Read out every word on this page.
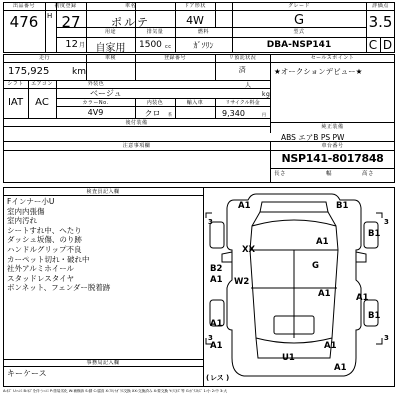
出品番号
476
初度登録
H 27
12 月
車名
ポルテ
用途
自家用
排気量
1500 cc
ドア形状
4W
燃料
ｶﾞｿﾘﾝ
グレード
G
型式
DBA-NSP141
評価点
3.5
C D
走行
175,925	km
車検	登録番号	リ預託状況
済
セールスポイント
★オークションデビュー★
シフト	エアコン	外装色
ベージュ
人
kg
IAT	AC	カラーNo.	内装色	輸入車	リサイクル料金
4V9	クロ	系	9,340	円
後付装備
純正装備
ABS エアB PS PW
注意事項欄	車台番号
NSP141-8017848
長さ	幅	高さ
検査員記入欄
Fインナー小U
室内内張傷
室内汚れ
シートすれ中、へたり
ダッシュ坂傷、のり跡
ハンドルグリップ不良
カーペット切れ・破れ中
社外アルミホイール
スタッドレスタイヤ
ボンネット、フェンダー脱着跡
事務局記入欄
キーケース
A1	B1
XX
A1
G
B2
W2
A1
A1
B1
A1
U1
A1
A1
A1
A1
B1
3	3
3	3
( レス )
A:ｷｽﾞ U:ﾍｺﾐ B:ｷｽﾞを伴うﾍｺﾐ P:塗装劣化 W:補修跡 S:錆 C:腐食 X:ﾌﾛﾝﾄｶﾞﾗｽ交換 XX:交換済み X:要交換 Y:穴ｷｽﾞ等 G:ｶﾞﾗｽｷｽﾞ 1:小 2:中 3:大
